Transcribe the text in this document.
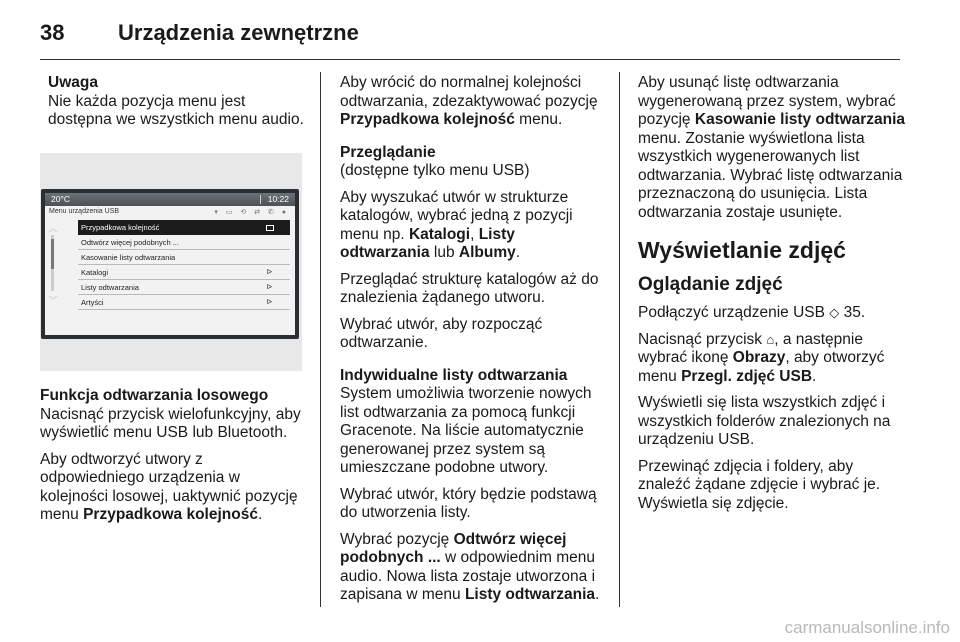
38 Urządzenia zewnętrzne

Uwaga

Nie każda pozycja menu jest dostępna we wszystkich menu audio.

20°C	10:22
Menu urządzenia USB	▾ ▭ ⟲ ⇄ ✆ ●
︿
﹀
Przypadkowa kolejność
Odtwórz więcej podobnych ...
Kasowanie listy odtwarzania
Katalogi	ᐅ
Listy odtwarzania	ᐅ
Artyści	ᐅ

Funkcja odtwarzania losowego

Nacisnąć przycisk wielofunkcyjny, aby wyświetlić menu USB lub Bluetooth.

Aby odtworzyć utwory z odpowiedniego urządzenia w kolejności losowej, uaktywnić pozycję menu Przypadkowa kolejność.

Aby wrócić do normalnej kolejności odtwarzania, zdezaktywować pozycję Przypadkowa kolejność menu.

Przeglądanie

(dostępne tylko menu USB)

Aby wyszukać utwór w strukturze katalogów, wybrać jedną z pozycji menu np. Katalogi, Listy odtwarzania lub Albumy.

Przeglądać strukturę katalogów aż do znalezienia żądanego utworu.

Wybrać utwór, aby rozpocząć odtwarzanie.

Indywidualne listy odtwarzania

System umożliwia tworzenie nowych list odtwarzania za pomocą funkcji Gracenote. Na liście automatycznie generowanej przez system są umieszczane podobne utwory.

Wybrać utwór, który będzie podstawą do utworzenia listy.

Wybrać pozycję Odtwórz więcej podobnych ... w odpowiednim menu audio. Nowa lista zostaje utworzona i zapisana w menu Listy odtwarzania.

Aby usunąć listę odtwarzania wygenerowaną przez system, wybrać pozycję Kasowanie listy odtwarzania menu. Zostanie wyświetlona lista wszystkich wygenerowanych list odtwarzania. Wybrać listę odtwarzania przeznaczoną do usunięcia. Lista odtwarzania zostaje usunięte.

Wyświetlanie zdjęć

Oglądanie zdjęć

Podłączyć urządzenie USB ◇ 35.

Nacisnąć przycisk ⌂, a następnie wybrać ikonę Obrazy, aby otworzyć menu Przegl. zdjęć USB.

Wyświetli się lista wszystkich zdjęć i wszystkich folderów znalezionych na urządzeniu USB.

Przewinąć zdjęcia i foldery, aby znaleźć żądane zdjęcie i wybrać je. Wyświetla się zdjęcie.

carmanualsonline.info
